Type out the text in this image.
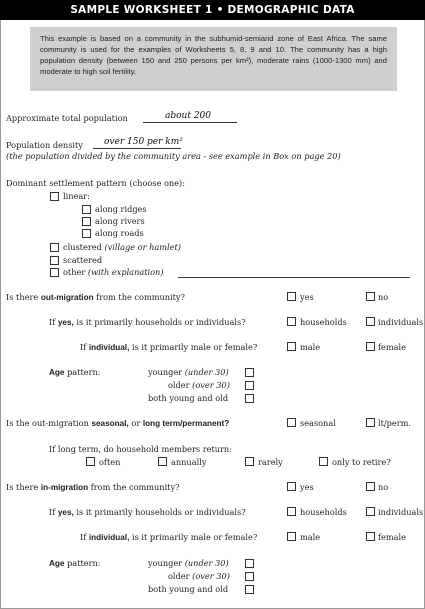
SAMPLE WORKSHEET 1 • DEMOGRAPHIC DATA
This example is based on a community in the subhumid-semiarid zone of East Africa. The same community is used for the examples of Worksheets 5, 8, 9 and 10. The community has a high population density (between 150 and 250 persons per km²), moderate rains (1000-1300 mm) and moderate to high soil fertility.
Approximate total population	about 200
Population density over 150 per km²
(the population divided by the community area - see example in Box on page 20)
Dominant settlement pattern (choose one):
linear:
along ridges
along rivers
along roads
clustered (village or hamlet)
scattered
other (with explanation)
Is there out-migration from the community?	yes	no
If yes, is it primarily households or individuals?	households	individuals
If individual, is it primarily male or female?	male	female
Age pattern:	younger (under 30)
older (over 30)
both young and old
Is the out-migration seasonal, or long term/permanent?	seasonal	lt/perm.
If long term, do household members return:
often	annually	rarely	only to retire?
Is there in-migration from the community?	yes	no
If yes, is it primarily households or individuals?	households	individuals
If individual, is it primarily male or female?	male	female
Age pattern:	younger (under 30)
older (over 30)
both young and old
